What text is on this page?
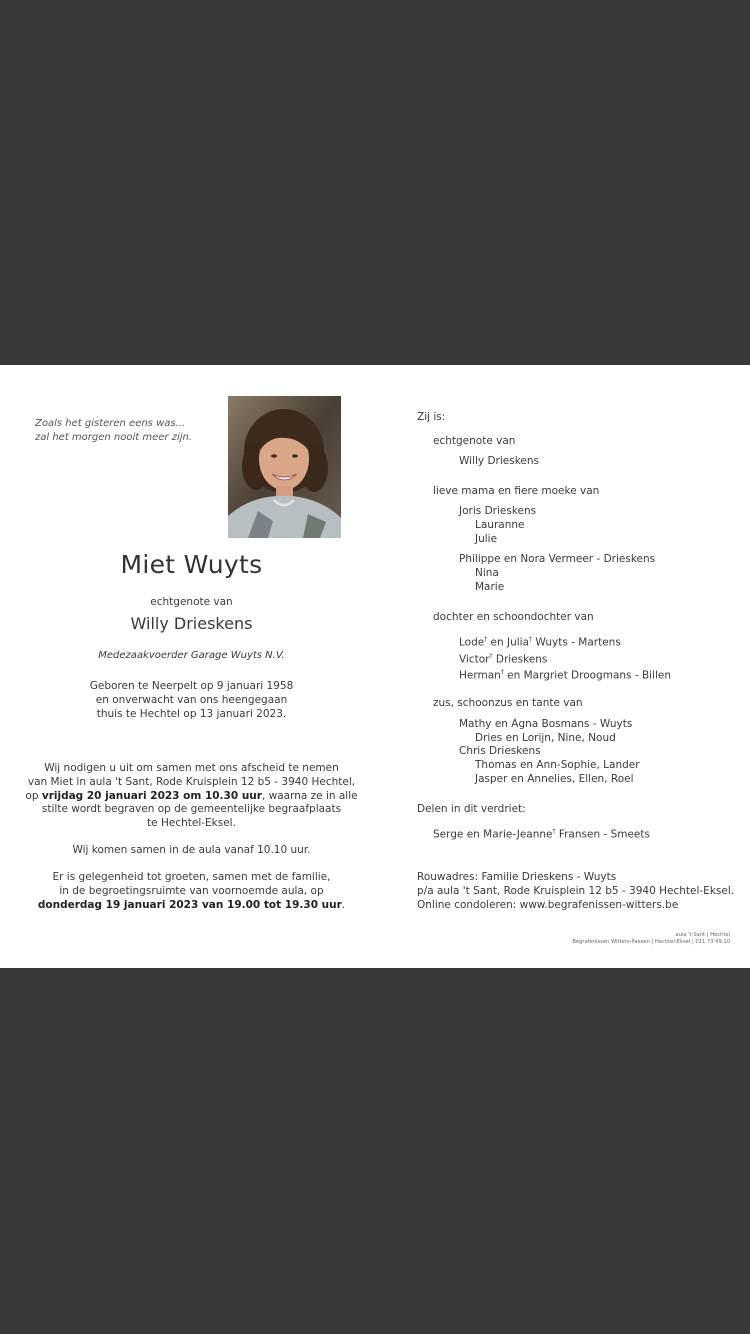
Zoals het gisteren eens was...
zal het morgen nooit meer zijn.
Miet Wuyts
echtgenote van
Willy Drieskens
Medezaakvoerder Garage Wuyts N.V.
Geboren te Neerpelt op 9 januari 1958
en onverwacht van ons heengegaan
thuis te Hechtel op 13 januari 2023.
Wij nodigen u uit om samen met ons afscheid te nemen
van Miet in aula 't Sant, Rode Kruisplein 12 b5 - 3940 Hechtel,
op vrijdag 20 januari 2023 om 10.30 uur, waarna ze in alle
stilte wordt begraven op de gemeentelijke begraafplaats
te Hechtel-Eksel.
Wij komen samen in de aula vanaf 10.10 uur.
Er is gelegenheid tot groeten, samen met de familie,
in de begroetingsruimte van voornoemde aula, op
donderdag 19 januari 2023 van 19.00 tot 19.30 uur.
Zij is:
echtgenote van
Willy Drieskens
lieve mama en fiere moeke van
Joris Drieskens
Lauranne
Julie
Philippe en Nora Vermeer - Drieskens
Nina
Marie
dochter en schoondochter van
Lode† en Julia† Wuyts - Martens
Victor† Drieskens
Herman† en Margriet Droogmans - Billen
zus, schoonzus en tante van
Mathy en Agna Bosmans - Wuyts
Dries en Lorijn, Nine, Noud
Chris Drieskens
Thomas en Ann-Sophie, Lander
Jasper en Annelies, Ellen, Roel
Delen in dit verdriet:
Serge en Marie-Jeanne† Fransen - Smeets
Rouwadres: Familie Drieskens - Wuyts
p/a aula 't Sant, Rode Kruisplein 12 b5 - 3940 Hechtel-Eksel.
Online condoleren: www.begrafenissen-witters.be
aula 't Sant | Hechtel
Begrafenissen Witters-Paesen | Hechtel-Eksel | 011 73 49 10
